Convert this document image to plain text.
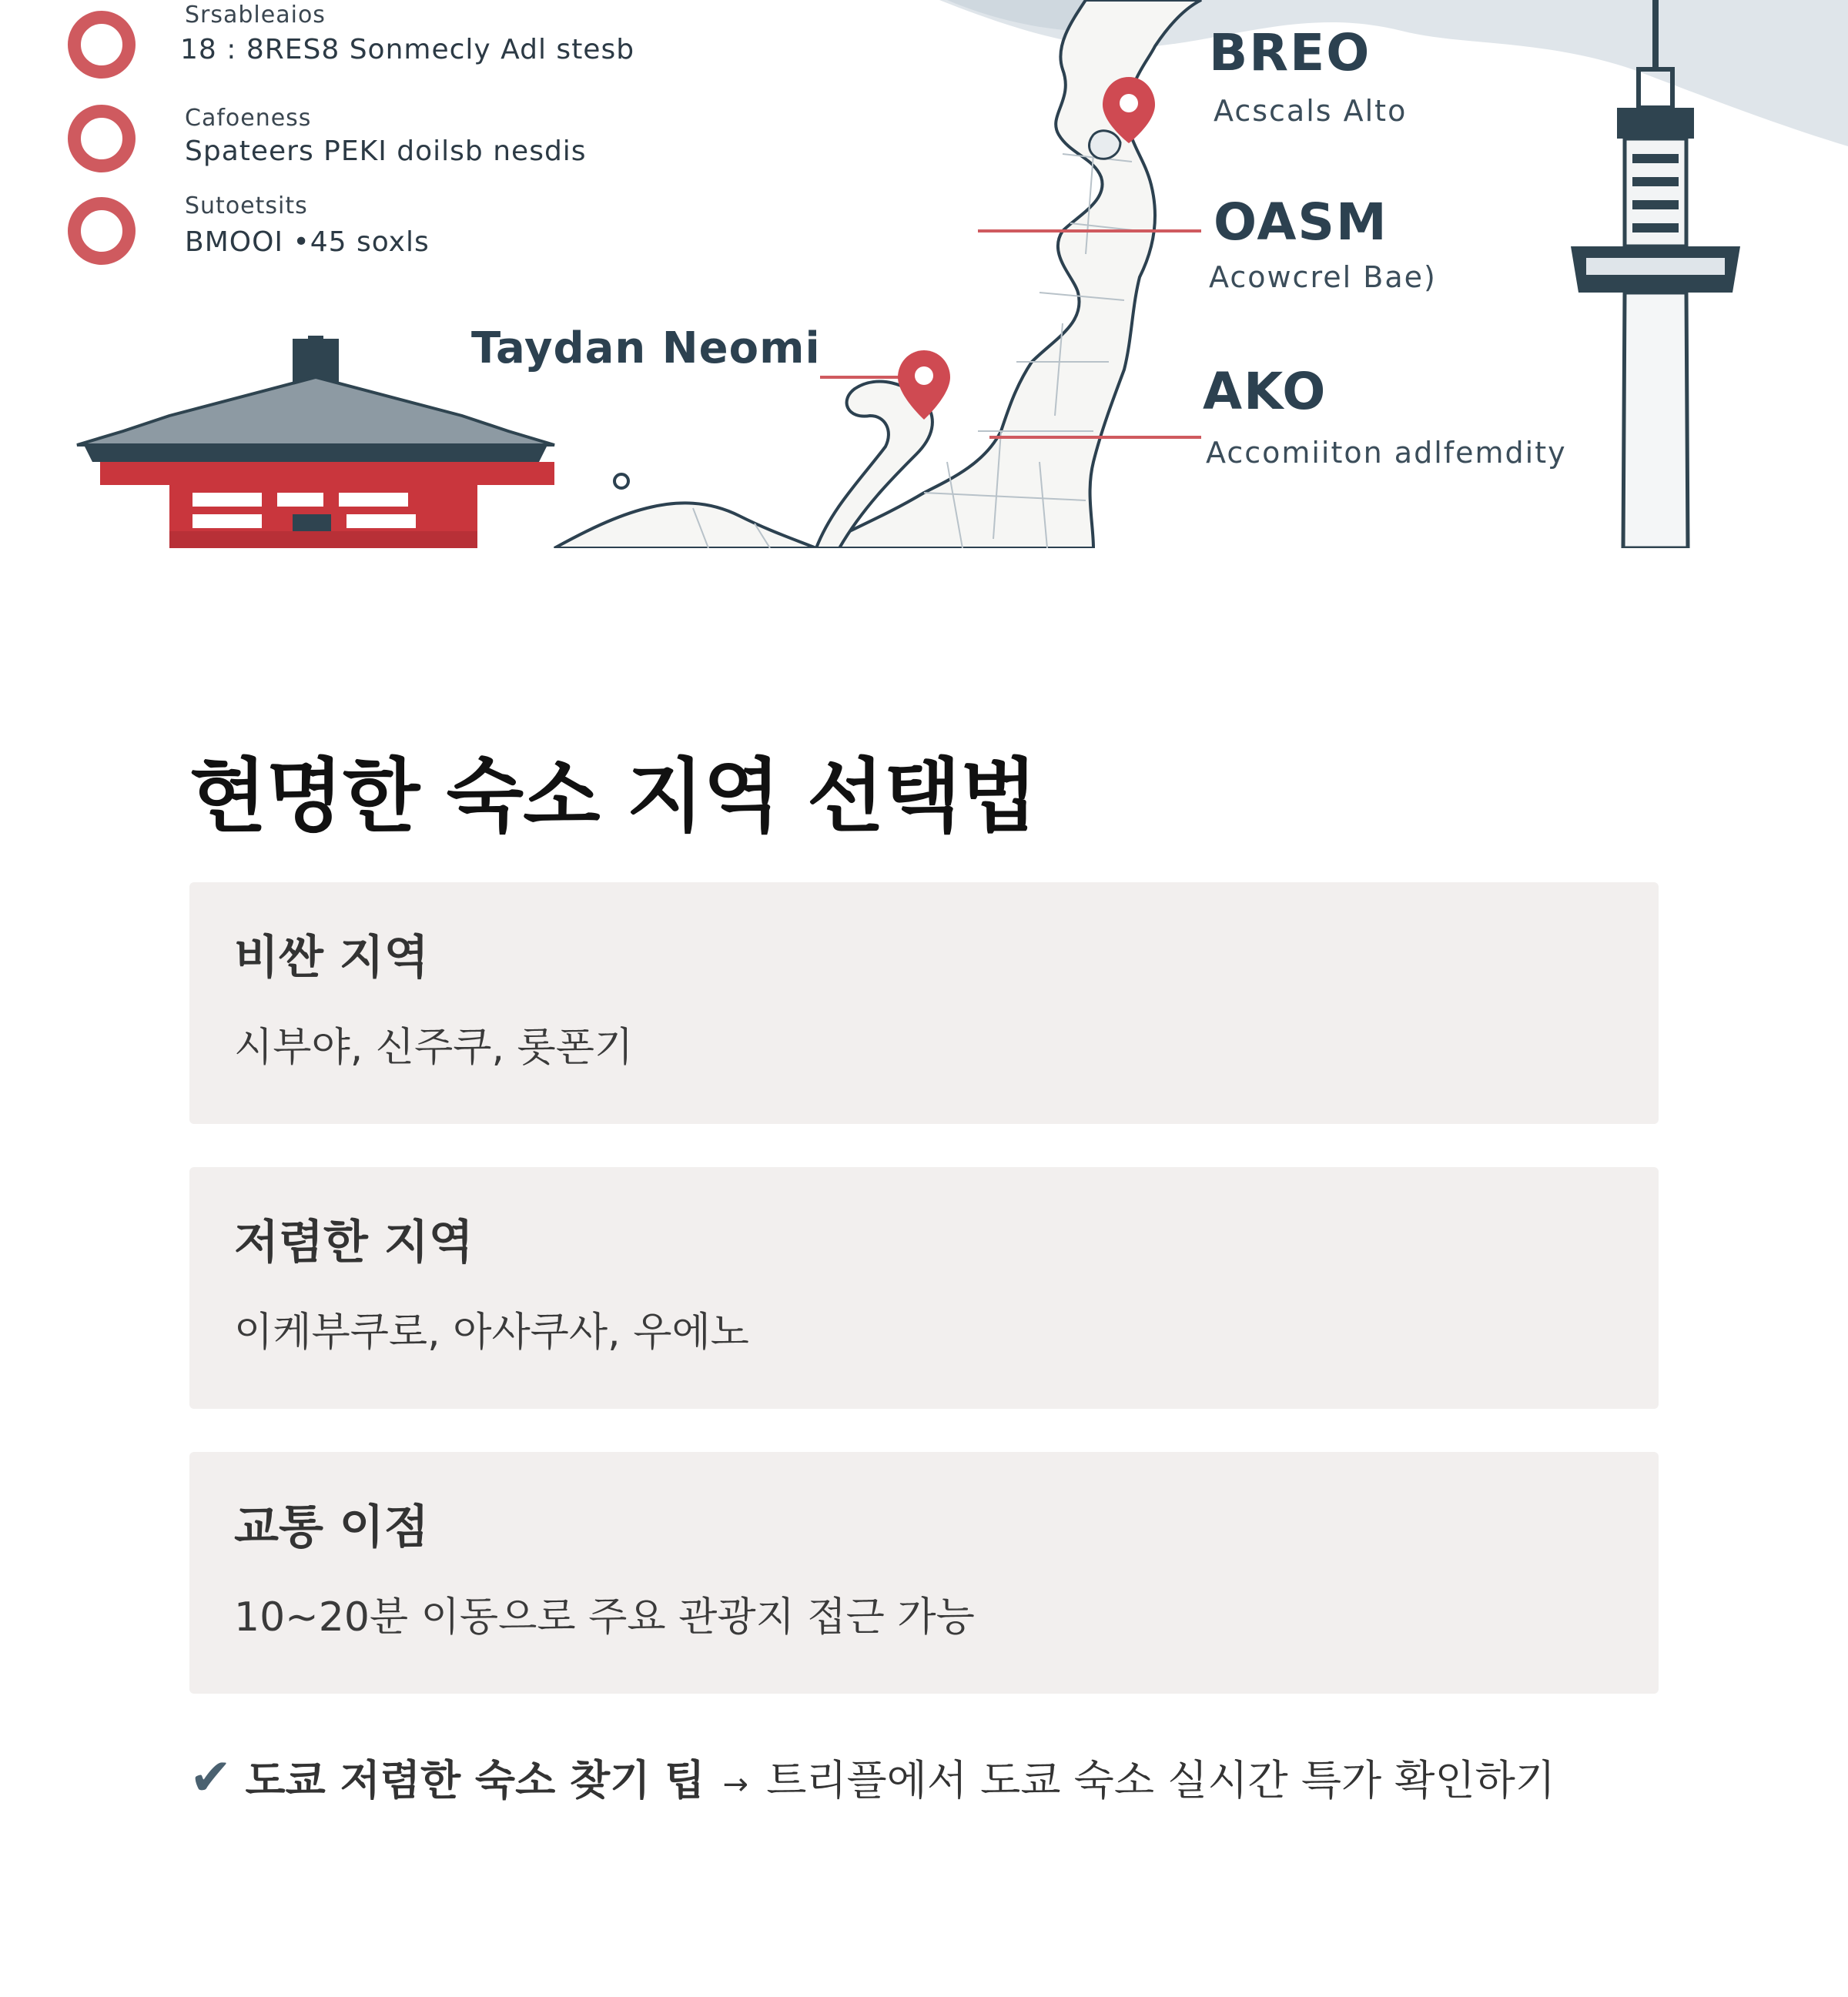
Srsableaios
18 : 8RES8 Sonmecly Adl stesb
Cafoeness
Spateers PEKI doilsb nesdis
Sutoetsits
BMOOI •45 soxls
BREO
Acscals Alto
OASM
Acowcrel Bae)
AKO
Accomiiton adlfemdity
Taydan Neomi
현명한 숙소 지역 선택법
비싼 지역
시부야, 신주쿠, 롯폰기
저렴한 지역
이케부쿠로, 아사쿠사, 우에노
교통 이점
10~20분 이동으로 주요 관광지 접근 가능
✔ 도쿄 저렴한 숙소 찾기 팁 → 트리플에서 도쿄 숙소 실시간 특가 확인하기
